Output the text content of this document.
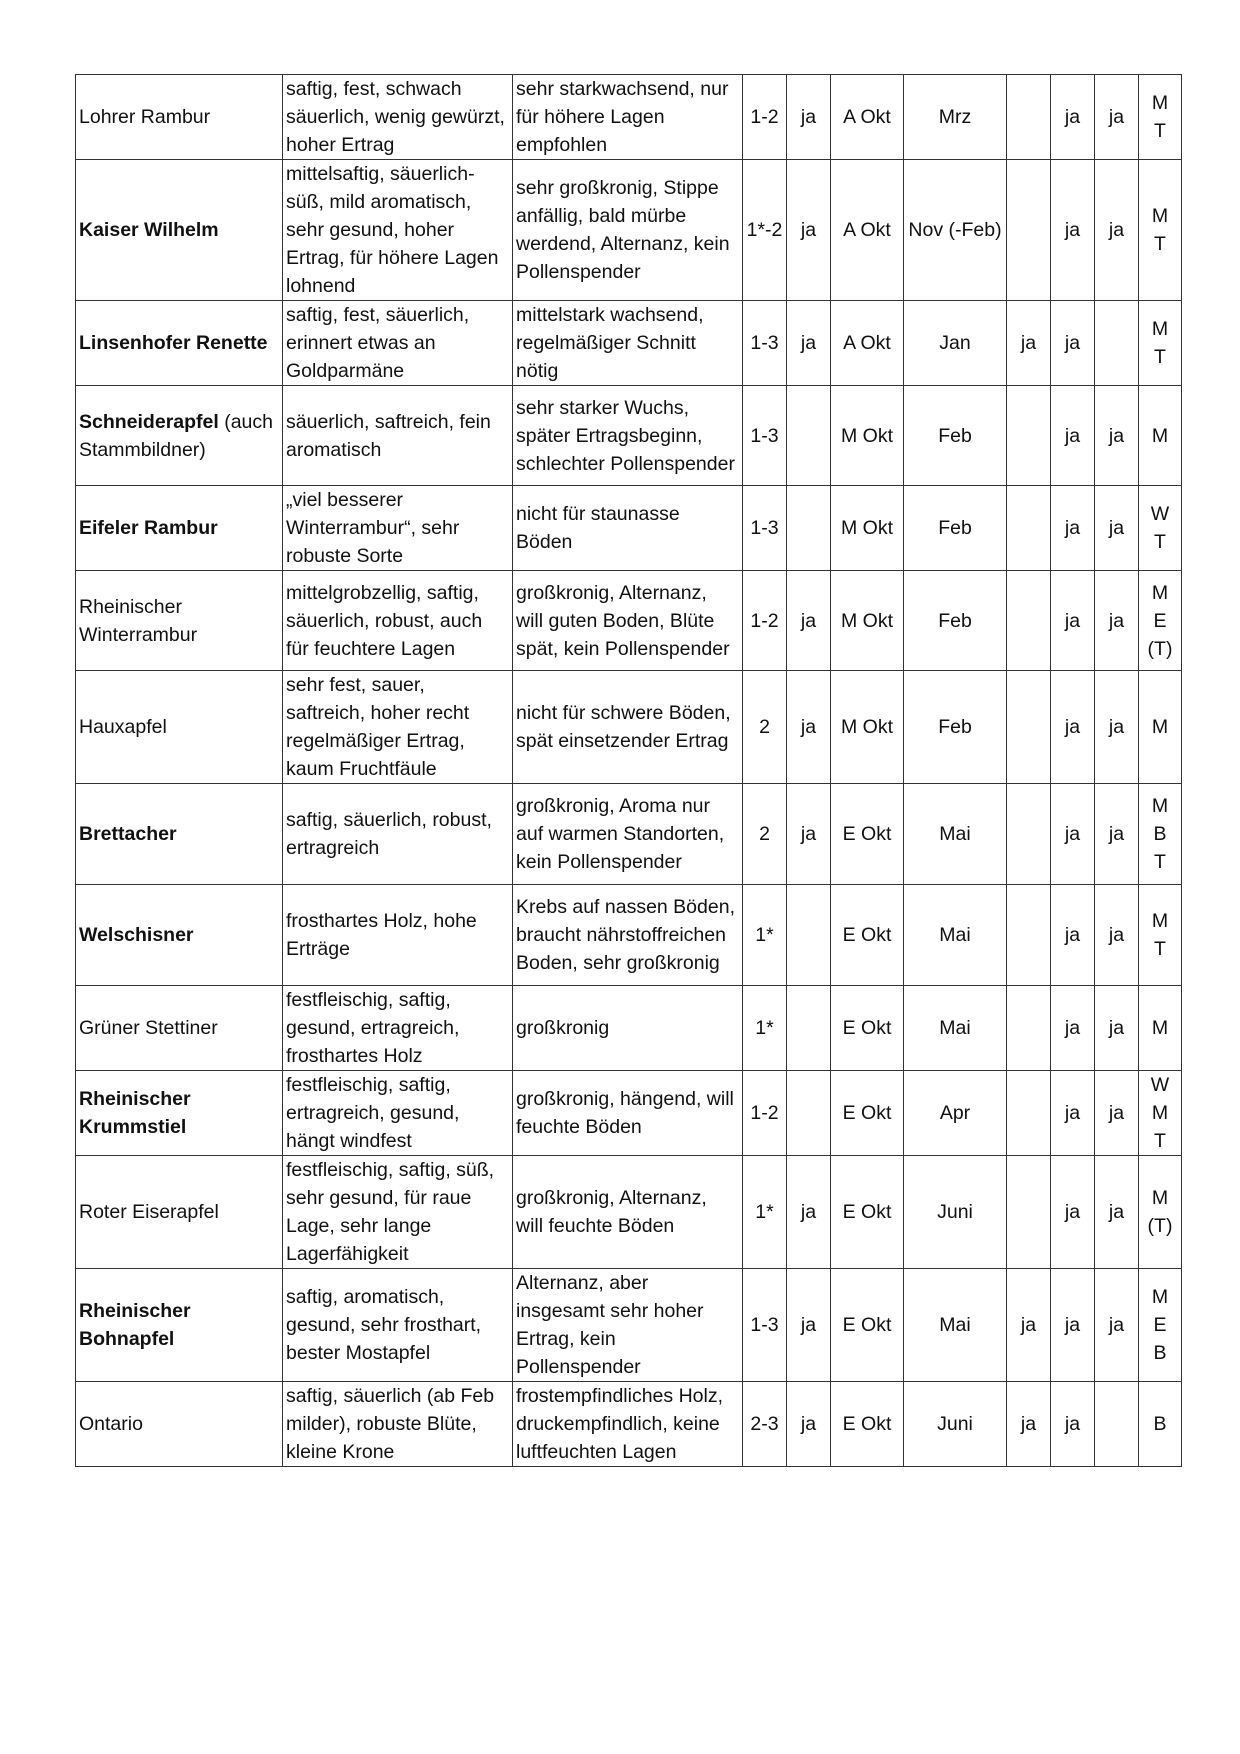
Lohrer Rambur	saftig, fest, schwach säuerlich, wenig gewürzt, hoher Ertrag	sehr starkwachsend, nur für höhere Lagen empfohlen	1-2	ja	A Okt	Mrz		ja	ja	M
T

Kaiser Wilhelm	mittelsaftig, säuerlich-süß, mild aromatisch, sehr gesund, hoher Ertrag, für höhere Lagen lohnend	sehr großkronig, Stippe anfällig, bald mürbe werdend, Alternanz, kein Pollenspender	1*-2	ja	A Okt	Nov (-Feb)		ja	ja	M
T

Linsenhofer Renette	saftig, fest, säuerlich, erinnert etwas an Goldparmäne	mittelstark wachsend, regelmäßiger Schnitt nötig	1-3	ja	A Okt	Jan	ja	ja		M
T

Schneiderapfel (auch Stammbildner)	säuerlich, saftreich, fein aromatisch	sehr starker Wuchs, später Ertragsbeginn, schlechter Pollenspender	1-3		M Okt	Feb		ja	ja	M

Eifeler Rambur	„viel besserer Winterrambur“, sehr robuste Sorte	nicht für staunasse Böden	1-3		M Okt	Feb		ja	ja	W
T

Rheinischer Winterrambur	mittelgrobzellig, saftig, säuerlich, robust, auch für feuchtere Lagen	großkronig, Alternanz, will guten Boden, Blüte spät, kein Pollenspender	1-2	ja	M Okt	Feb		ja	ja	M
E
(T)

Hauxapfel	sehr fest, sauer, saftreich, hoher recht regelmäßiger Ertrag, kaum Fruchtfäule	nicht für schwere Böden, spät einsetzender Ertrag	2	ja	M Okt	Feb		ja	ja	M

Brettacher	saftig, säuerlich, robust, ertragreich	großkronig, Aroma nur auf warmen Standorten, kein Pollenspender	2	ja	E Okt	Mai		ja	ja	M
B
T

Welschisner	frosthartes Holz, hohe Erträge	Krebs auf nassen Böden, braucht nährstoffreichen Boden, sehr großkronig	1*		E Okt	Mai		ja	ja	M
T

Grüner Stettiner	festfleischig, saftig, gesund, ertragreich, frosthartes Holz	großkronig	1*		E Okt	Mai		ja	ja	M

Rheinischer Krummstiel	festfleischig, saftig, ertragreich, gesund, hängt windfest	großkronig, hängend, will feuchte Böden	1-2		E Okt	Apr		ja	ja	W
M
T

Roter Eiserapfel	festfleischig, saftig, süß, sehr gesund, für raue Lage, sehr lange Lagerfähigkeit	großkronig, Alternanz, will feuchte Böden	1*	ja	E Okt	Juni		ja	ja	M
(T)

Rheinischer Bohnapfel	saftig, aromatisch, gesund, sehr frosthart, bester Mostapfel	Alternanz, aber insgesamt sehr hoher Ertrag, kein Pollenspender	1-3	ja	E Okt	Mai	ja	ja	ja	M
E
B

Ontario	saftig, säuerlich (ab Feb milder), robuste Blüte, kleine Krone	frostempfindliches Holz, druckempfindlich, keine luftfeuchten Lagen	2-3	ja	E Okt	Juni	ja	ja		B
